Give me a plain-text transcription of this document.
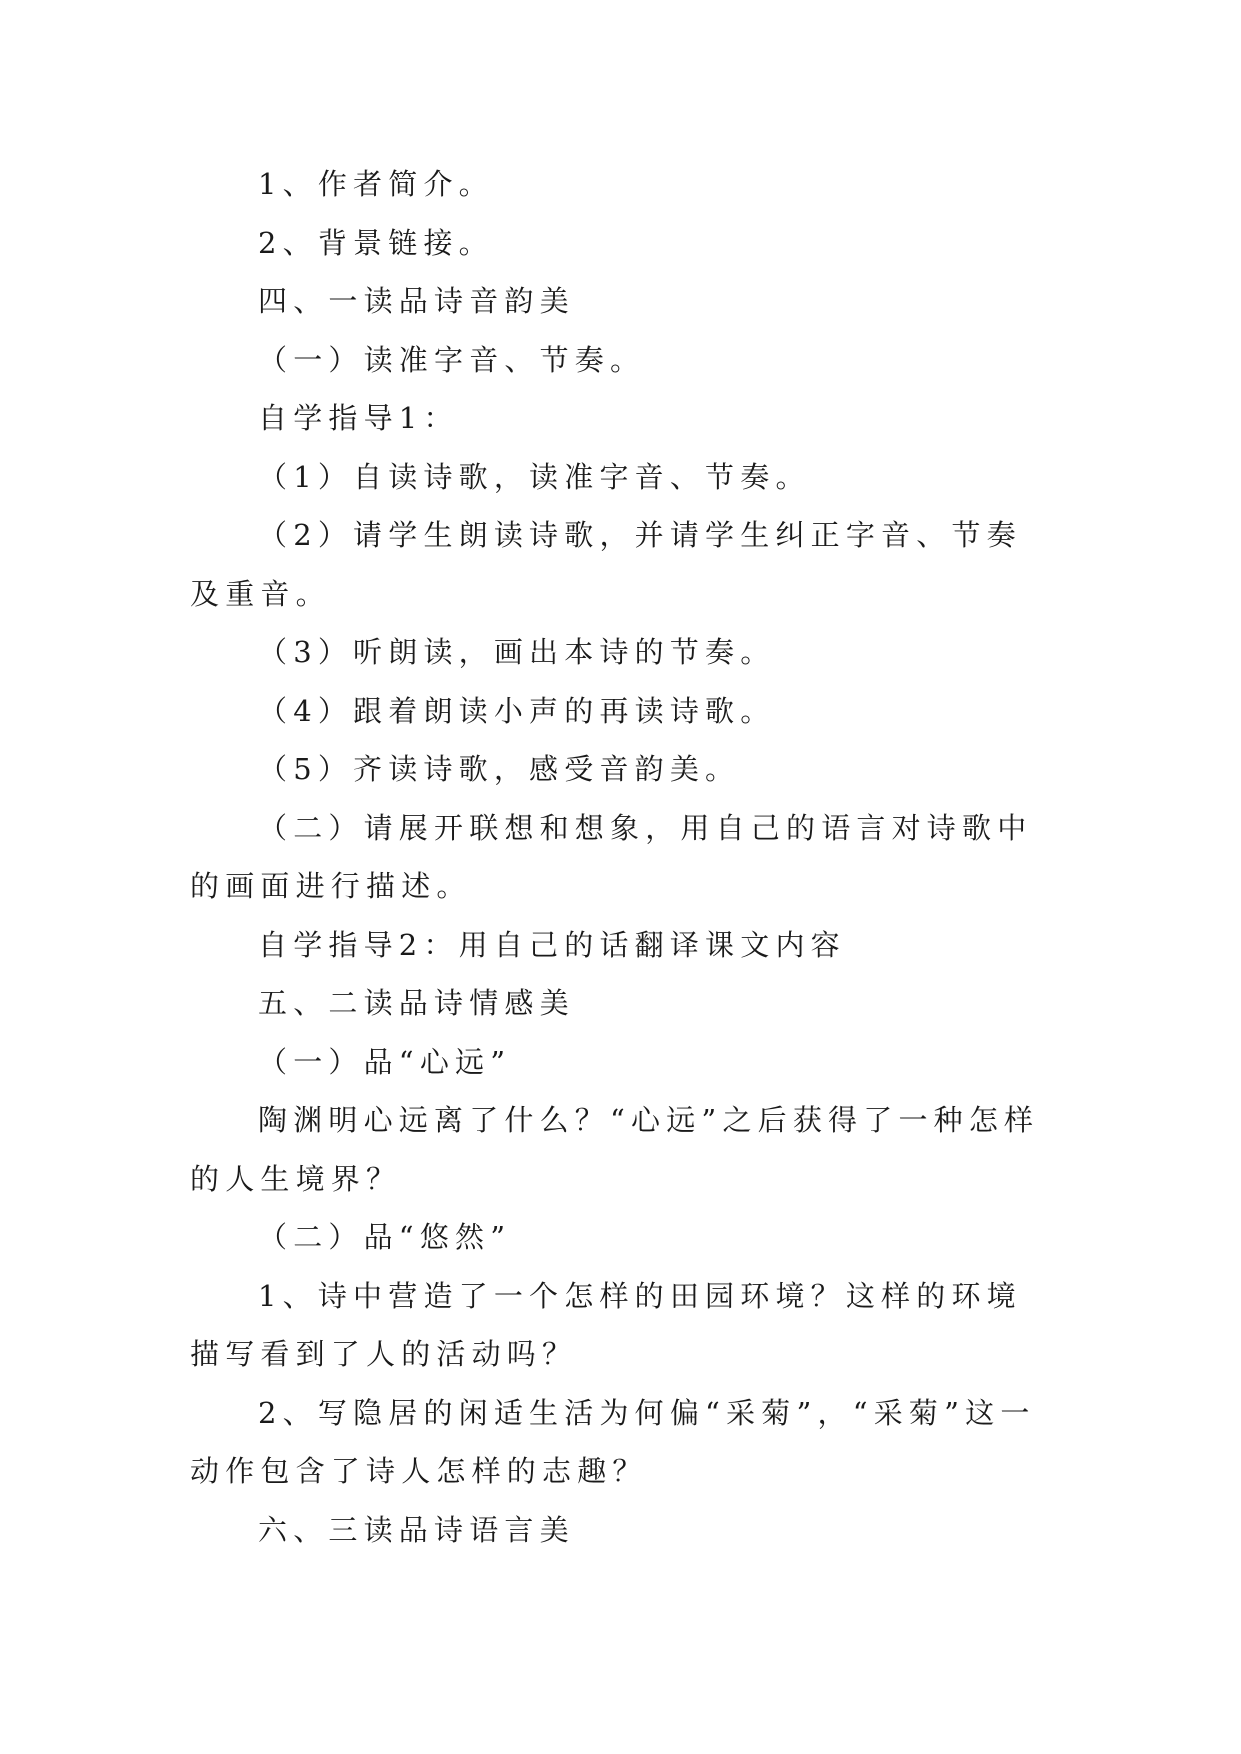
1、作者简介。

2、背景链接。

四、一读品诗音韵美

（一）读准字音、节奏。

自学指导1：

（1）自读诗歌，读准字音、节奏。

（2）请学生朗读诗歌，并请学生纠正字音、节奏及重音。

（3）听朗读，画出本诗的节奏。

（4）跟着朗读小声的再读诗歌。

（5）齐读诗歌，感受音韵美。

（二）请展开联想和想象，用自己的语言对诗歌中的画面进行描述。

自学指导2：用自己的话翻译课文内容

五、二读品诗情感美

（一）品“心远”

陶渊明心远离了什么？“心远”之后获得了一种怎样的人生境界？

（二）品“悠然”

1、诗中营造了一个怎样的田园环境？这样的环境描写看到了人的活动吗？

2、写隐居的闲适生活为何偏“采菊”，“采菊”这一动作包含了诗人怎样的志趣？

六、三读品诗语言美
